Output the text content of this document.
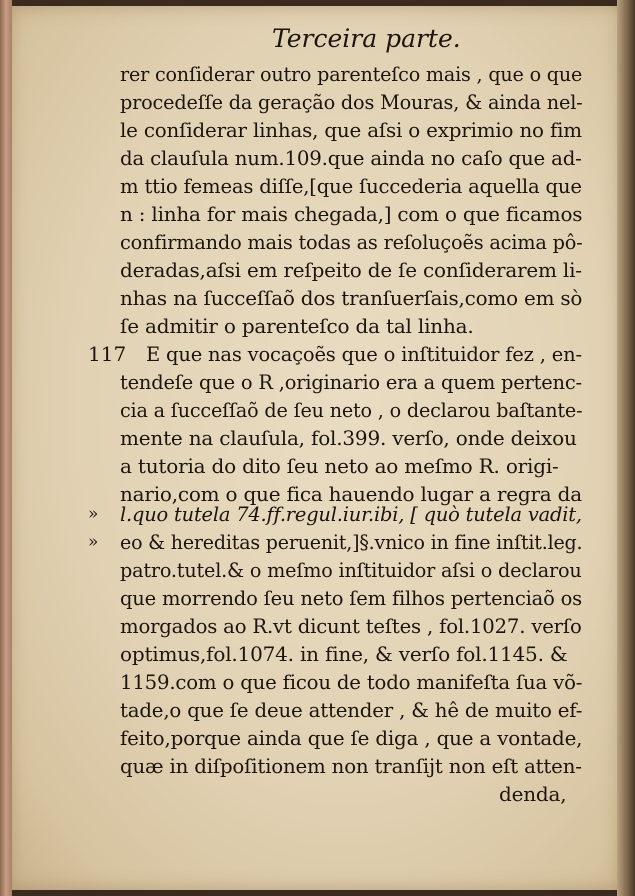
Terceira parte.
rer conſiderar outro parenteſco mais , que o que
procedeſſe da geração dos Mouras, & ainda nel-
le conſiderar linhas, que aſsi o exprimio no fim
da clauſula num.109.que ainda no caſo que ad-
m ttio femeas diſſe,[que ſuccederia aquella que
n : linha for mais chegada,] com o que ficamos
confirmando mais todas as reſoluçoẽs acima pô-
deradas,aſsi em reſpeito de ſe conſiderarem li-
nhas na ſucceſſaõ dos tranſuerſais,como em sò
ſe admitir o parenteſco da tal linha.
117 E que nas vocaçoẽs que o inſtituidor fez , en-
tendeſe que o R ,originario era a quem pertenc-
cia a ſucceſſaõ de ſeu neto , o declarou baſtante-
mente na clauſula, fol.399. verſo, onde deixou
a tutoria do dito ſeu neto ao meſmo R. origi-
nario,com o que fica hauendo lugar a regra da
» l.quo tutela 74.ff.regul.iur.ibi, [ quò tutela vadit,
» eo & hereditas peruenit,]§.vnico in fine inſtit.leg.
patro.tutel.& o meſmo inſtituidor aſsi o declarou
que morrendo ſeu neto ſem filhos pertenciaõ os
morgados ao R.vt dicunt teſtes , fol.1027. verſo
optimus,fol.1074. in fine, & verſo fol.1145. &
1159.com o que ficou de todo manifeſta ſua võ-
tade,o que ſe deue attender , & hê de muito ef-
feito,porque ainda que ſe diga , que a vontade,
quæ in diſpoſitionem non tranſijt non eſt atten-
denda,
